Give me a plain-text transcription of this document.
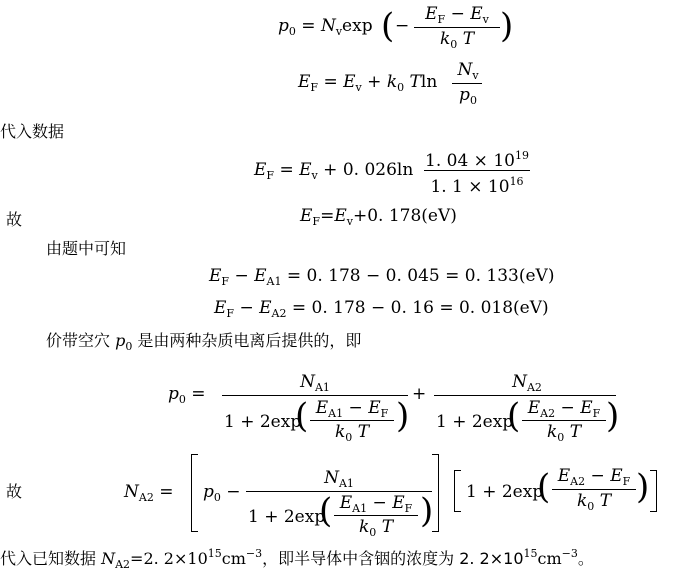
$p_0 = N_v\exp$ ( −
$E_F - E_v$
$k_0$ T )
$E_F = E_v + k_0$ Tln
$N_v$
$p_0$
代入数据
$E_F = E_v + 0$. 026ln 1. $04 \times 10^{19}$
1. $1 \times 10^{16}$
故	$E_F=E_v+0$. 178(eV)
由题中可知
$E_F - E_{A1} = 0$. 178 − 0. 045 = 0. 133(eV)
$E_F - E_{A2} = 0$. 178 − 0. 16 = 0. 018(eV)
价带空穴 $p_0$ 是由两种杂质电离后提供的，即
$p_0$ =
$N_{A1}$
1 + 2exp
( $E_{A1} - E_F$
$k_0$ T )
+
$N_{A2}$
1 + 2exp
( $E_{A2} - E_F$
$k_0$ T )
故	$N_{A2} = p_0$ −
$N_{A1}$
1 + 2exp
( $E_{A1} - E_F$
$k_0$ T ) 1 + 2exp
( $E_{A2} - E_F$
$k_0$ T )
代入已知数据 $N_{A2}=2$. $2\times 10^{15}cm^{-3}$，即半导体中含铟的浓度为 2. $2\times 10^{15}cm^{-3}$。
